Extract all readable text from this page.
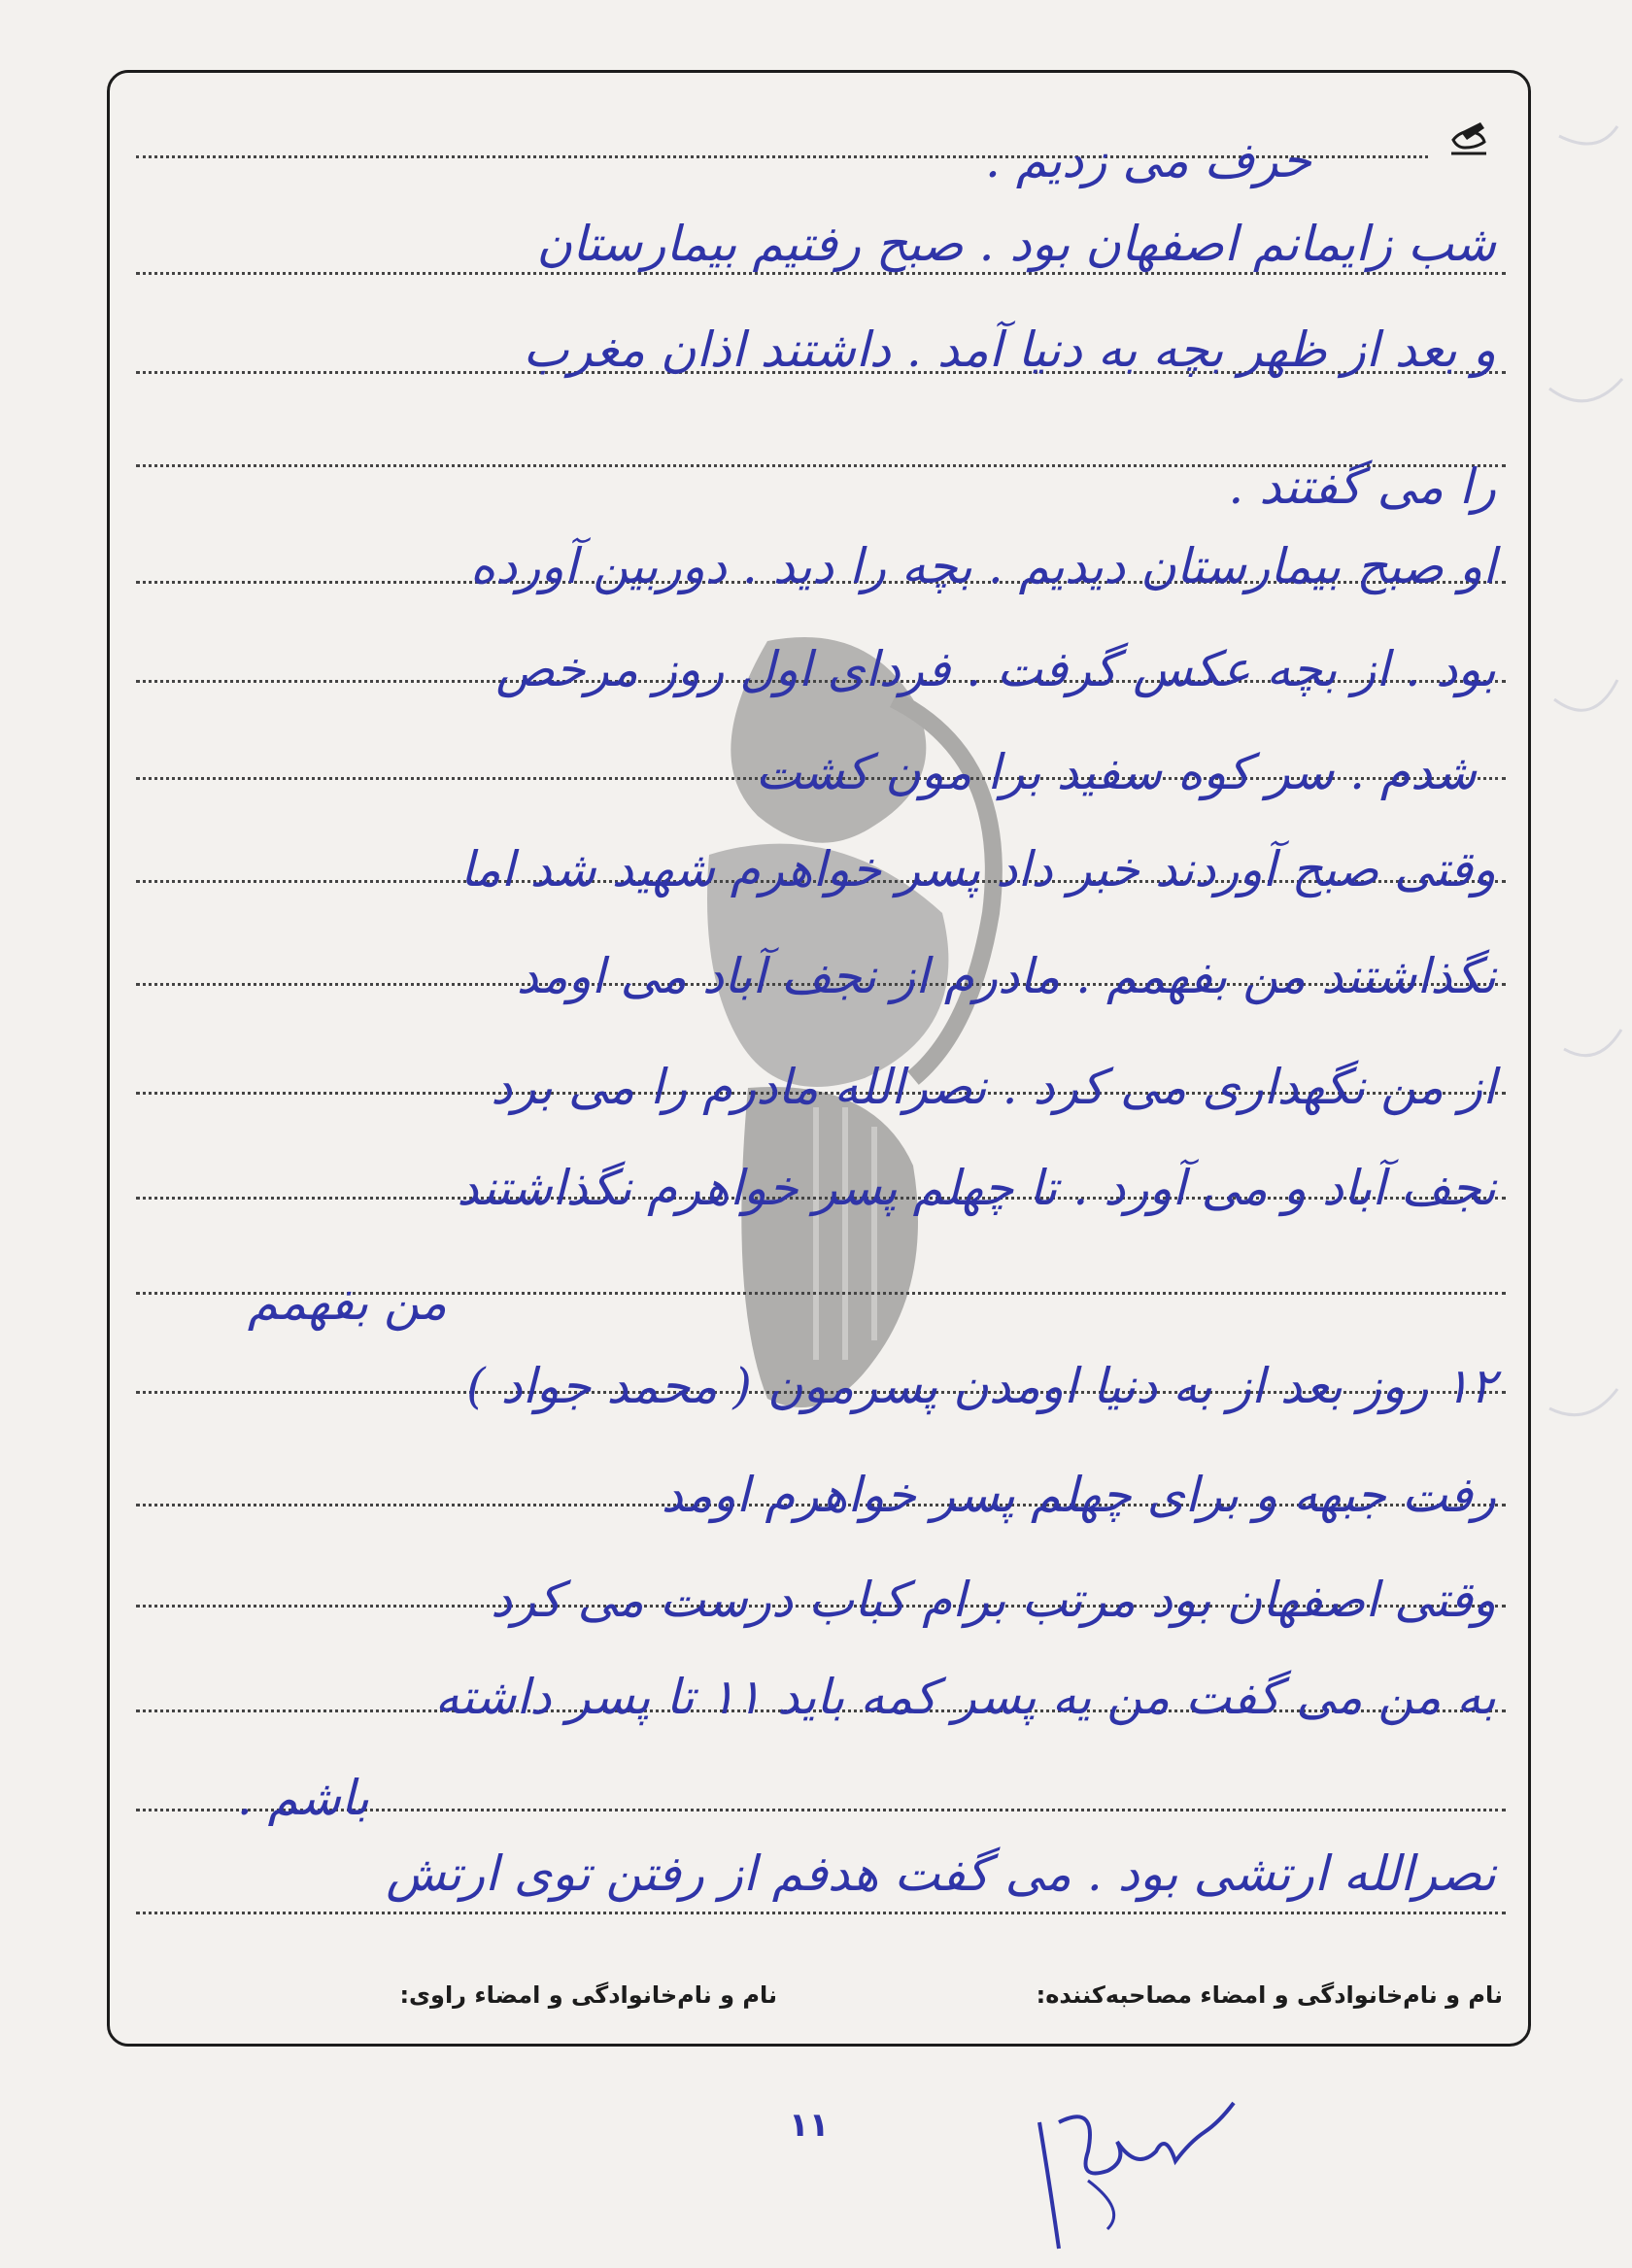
حرف می زدیم .
شب زایمانم اصفهان بود . صبح رفتیم بیمارستان
و بعد از ظهر بچه به دنیا آمد . داشتند اذان مغرب
را می گفتند .
او صبح بیمارستان دیدیم . بچه را دید . دوربین آورده
بود . از بچه عکس گرفت . فردای اول روز مرخص
شدم . سر کوه سفید برا مون کشت
وقتی صبح آوردند خبر داد پسر خواهرم شهید شد اما
نگذاشتند من بفهمم . مادرم از نجف آباد می اومد
از من نگهداری می کرد . نصرالله مادرم را می برد
نجف آباد و می آورد . تا چهلم پسر خواهرم نگذاشتند
من بفهمم
۱۲ روز بعد از به دنیا اومدن پسرمون ( محمد جواد )
رفت جبهه و برای چهلم پسر خواهرم اومد
وقتی اصفهان بود مرتب برام کباب درست می کرد
به من می گفت من یه پسر کمه باید ۱۱ تا پسر داشته
باشم .
نصرالله ارتشی بود . می گفت هدفم از رفتن توی ارتش
نام و نام‌خانوادگی و امضاء مصاحبه‌کننده:
نام و نام‌خانوادگی و امضاء راوی:
۱۱
